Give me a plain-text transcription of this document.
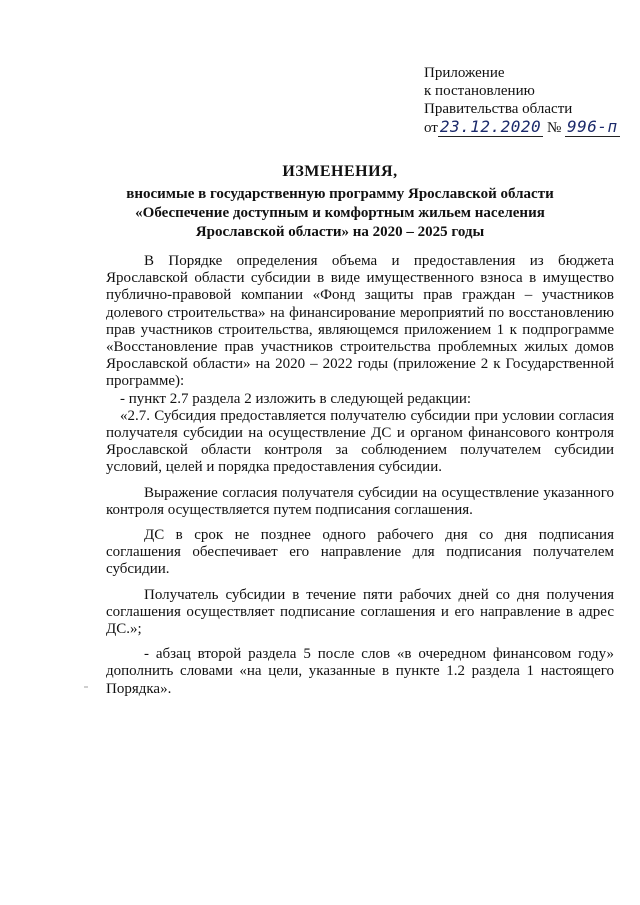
Приложение
к постановлению
Правительства области
от 23.12.2020 № 996-п
ИЗМЕНЕНИЯ,
вносимые в государственную программу Ярославской области
«Обеспечение доступным и комфортным жильем населения
Ярославской области» на 2020 – 2025 годы

В Порядке определения объема и предоставления из бюджета Ярославской области субсидии в виде имущественного взноса в имущество публично-правовой компании «Фонд защиты прав граждан – участников долевого строительства» на финансирование мероприятий по восстановлению прав участников строительства, являющемся приложением 1 к подпрограмме «Восстановление прав участников строительства проблемных жилых домов Ярославской области» на 2020 – 2022 годы (приложение 2 к Государственной программе):

- пункт 2.7 раздела 2 изложить в следующей редакции:

«2.7. Субсидия предоставляется получателю субсидии при условии согласия получателя субсидии на осуществление ДС и органом финансового контроля Ярославской области контроля за соблюдением получателем субсидии условий, целей и порядка предоставления субсидии.

Выражение согласия получателя субсидии на осуществление указанного контроля осуществляется путем подписания соглашения.

ДС в срок не позднее одного рабочего дня со дня подписания соглашения обеспечивает его направление для подписания получателем субсидии.

Получатель субсидии в течение пяти рабочих дней со дня получения соглашения осуществляет подписание соглашения и его направление в адрес ДС.»;

- абзац второй раздела 5 после слов «в очередном финансовом году» дополнить словами «на цели, указанные в пункте 1.2 раздела 1 настоящего Порядка».
